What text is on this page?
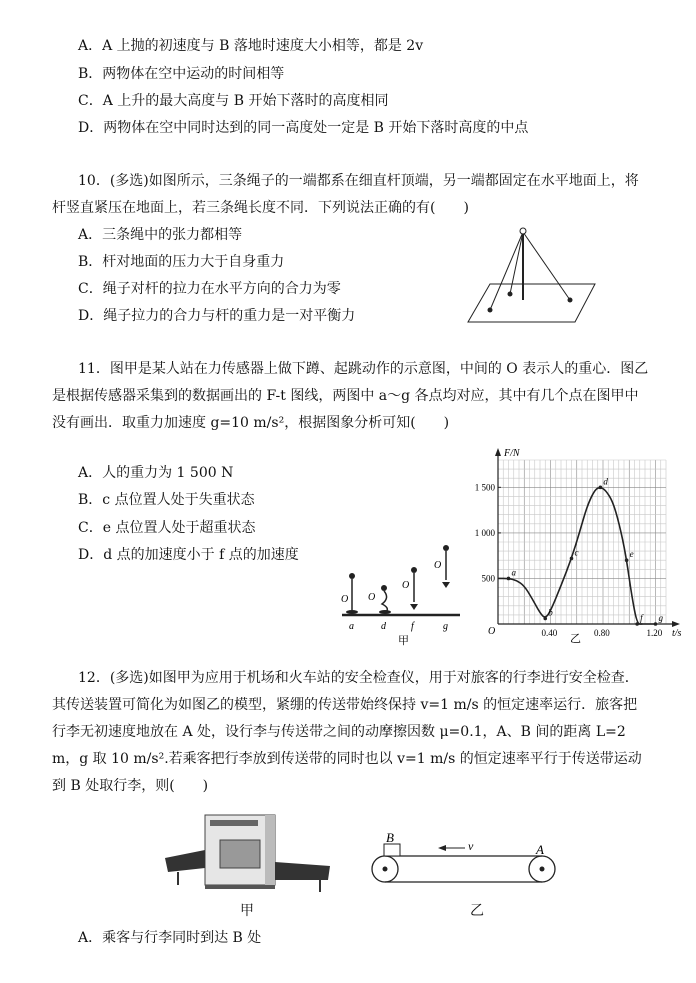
A．A 上抛的初速度与 B 落地时速度大小相等，都是 2v
B．两物体在空中运动的时间相等
C．A 上升的最大高度与 B 开始下落时的高度相同
D．两物体在空中同时达到的同一高度处一定是 B 开始下落时高度的中点
10．(多选)如图所示，三条绳子的一端都系在细直杆顶端，另一端都固定在水平地面上，将杆竖直紧压在地面上，若三条绳长度不同．下列说法正确的有(　　)
A．三条绳中的张力都相等
B．杆对地面的压力大于自身重力
C．绳子对杆的拉力在水平方向的合力为零
D．绳子拉力的合力与杆的重力是一对平衡力
11．图甲是某人站在力传感器上做下蹲、起跳动作的示意图，中间的 O 表示人的重心．图乙是根据传感器采集到的数据画出的 F-t 图线，两图中 a～g 各点均对应，其中有几个点在图甲中没有画出．取重力加速度 g=10 m/s²，根据图象分析可知(　　)
A．人的重力为 1 500 N
B．c 点位置人处于失重状态
C．e 点位置人处于超重状态
D．d 点的加速度小于 f 点的加速度
O O
O
O
a	d	f	g
甲
F/N
t/s
O	0.40	0.80	1.20
500
1 000
1 500
a
b
c
d
e
f g
乙
12．(多选)如图甲为应用于机场和火车站的安全检查仪，用于对旅客的行李进行安全检查．其传送装置可简化为如图乙的模型，紧绷的传送带始终保持 v=1 m/s 的恒定速率运行．旅客把行李无初速度地放在 A 处，设行李与传送带之间的动摩擦因数 μ=0.1，A、B 间的距离 L=2 m，g 取 10 m/s².若乘客把行李放到传送带的同时也以 v=1 m/s 的恒定速率平行于传送带运动到 B 处取行李，则(　　)
甲
B
v	A
乙
A．乘客与行李同时到达 B 处
